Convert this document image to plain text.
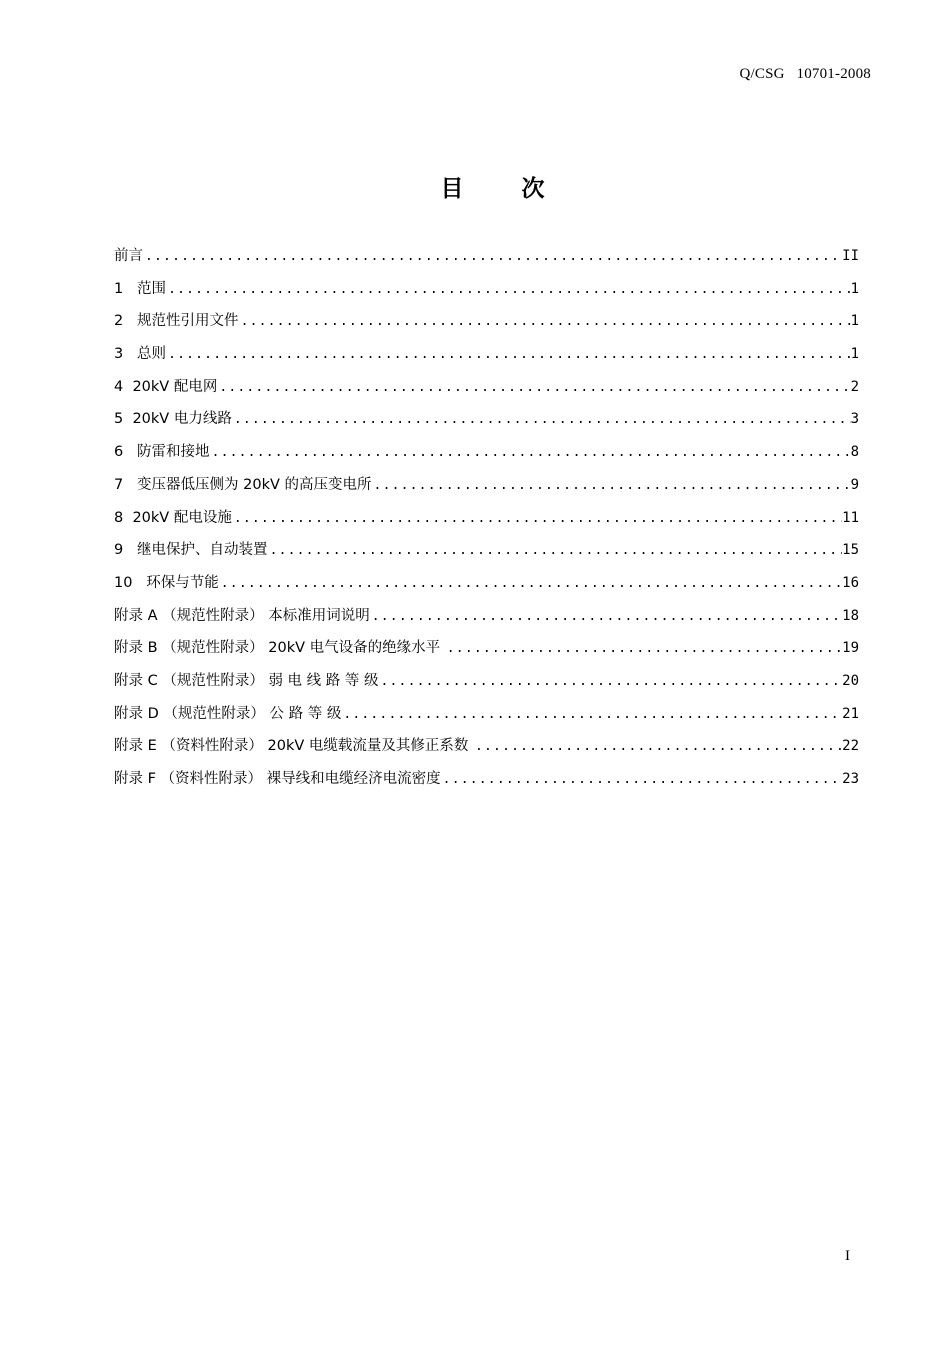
Q/CSG   10701-2008
目 次
前言 .....	II
1   范围 .....	1
2   规范性引用文件 .....	1
3   总则 .....	1
4  20kV 配电网 .....	2
5  20kV 电力线路 .....	3
6   防雷和接地 .....	8
7   变压器低压侧为 20kV 的高压变电所 .....	9
8  20kV 配电设施 .....	11
9   继电保护、自动装置 .....	15
10   环保与节能 .....	16
附录 A （规范性附录） 本标准用词说明 .....	18
附录 B （规范性附录） 20kV 电气设备的绝缘水平 .....	19
附录 C （规范性附录） 弱 电 线 路 等 级 .....	20
附录 D （规范性附录） 公 路 等 级 .....	21
附录 E （资料性附录） 20kV 电缆载流量及其修正系数 .....	22
附录 F （资料性附录） 裸导线和电缆经济电流密度 .....	23
I
